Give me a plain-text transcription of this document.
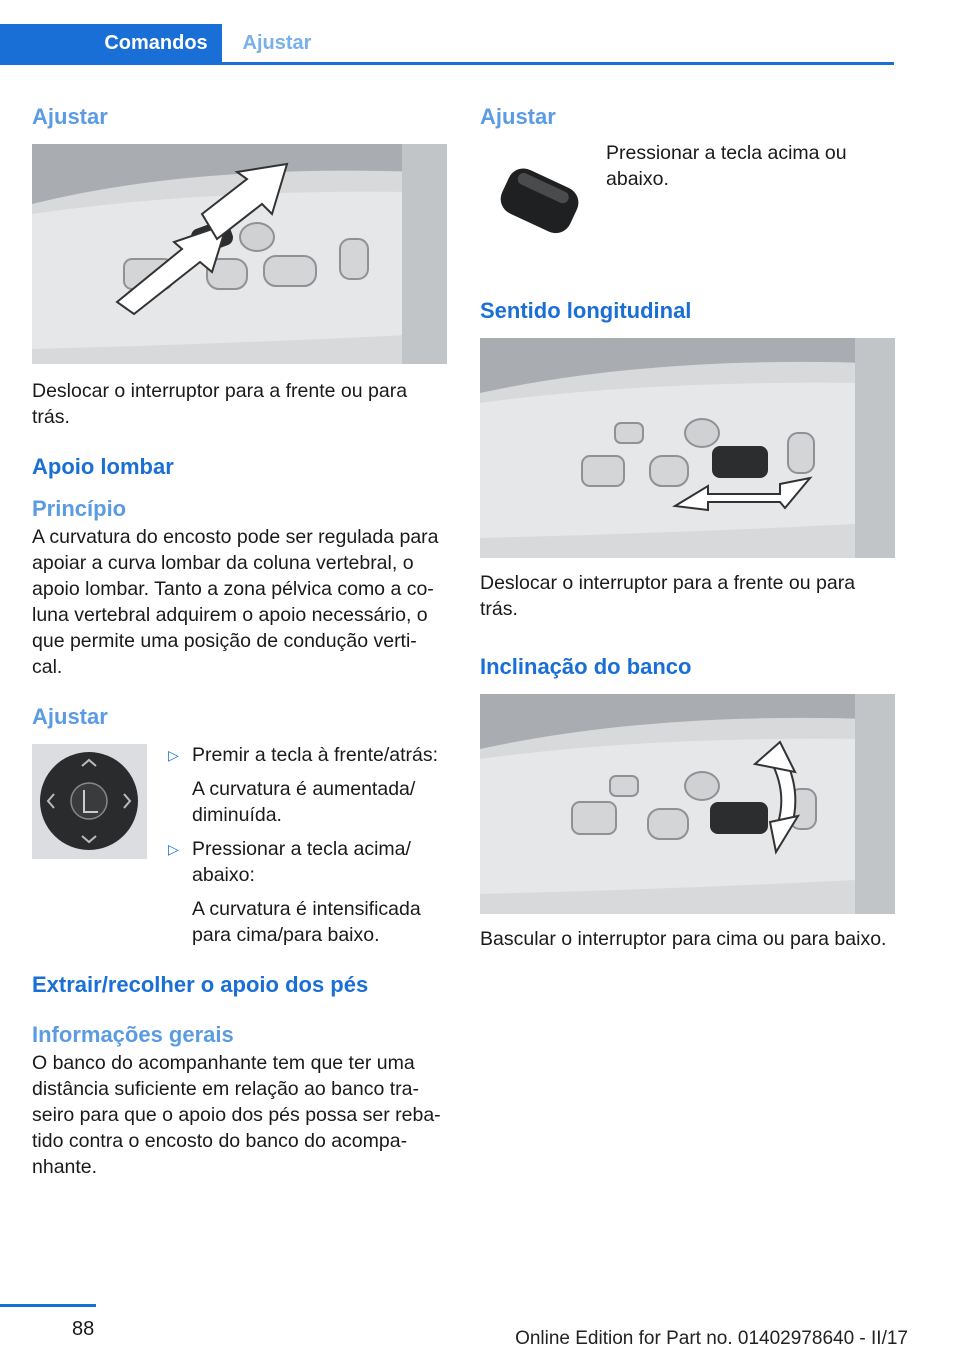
Comandos	Ajustar
Ajustar

Deslocar o interruptor para a frente ou para trás.

Apoio lombar
Princípio

A curvatura do encosto pode ser regulada para apoiar a curva lombar da coluna vertebral, o apoio lombar. Tanto a zona pélvica como a co‐luna vertebral adquirem o apoio necessário, o que permite uma posição de condução verti‐cal.

Ajustar
▷ Premir a tecla à frente/atrás:
A curvatura é aumentada/ diminuída.
▷ Pressionar a tecla acima/ abaixo:
A curvatura é intensificada para cima/para baixo.
Extrair/recolher o apoio dos pés
Informações gerais

O banco do acompanhante tem que ter uma distância suficiente em relação ao banco tra‐seiro para que o apoio dos pés possa ser reba‐tido contra o encosto do banco do acompa‐nhante.

Ajustar

Pressionar a tecla acima ou abaixo.

Sentido longitudinal

Deslocar o interruptor para a frente ou para trás.

Inclinação do banco

Bascular o interruptor para cima ou para baixo.

88	Online Edition for Part no. 01402978640 - II/17
